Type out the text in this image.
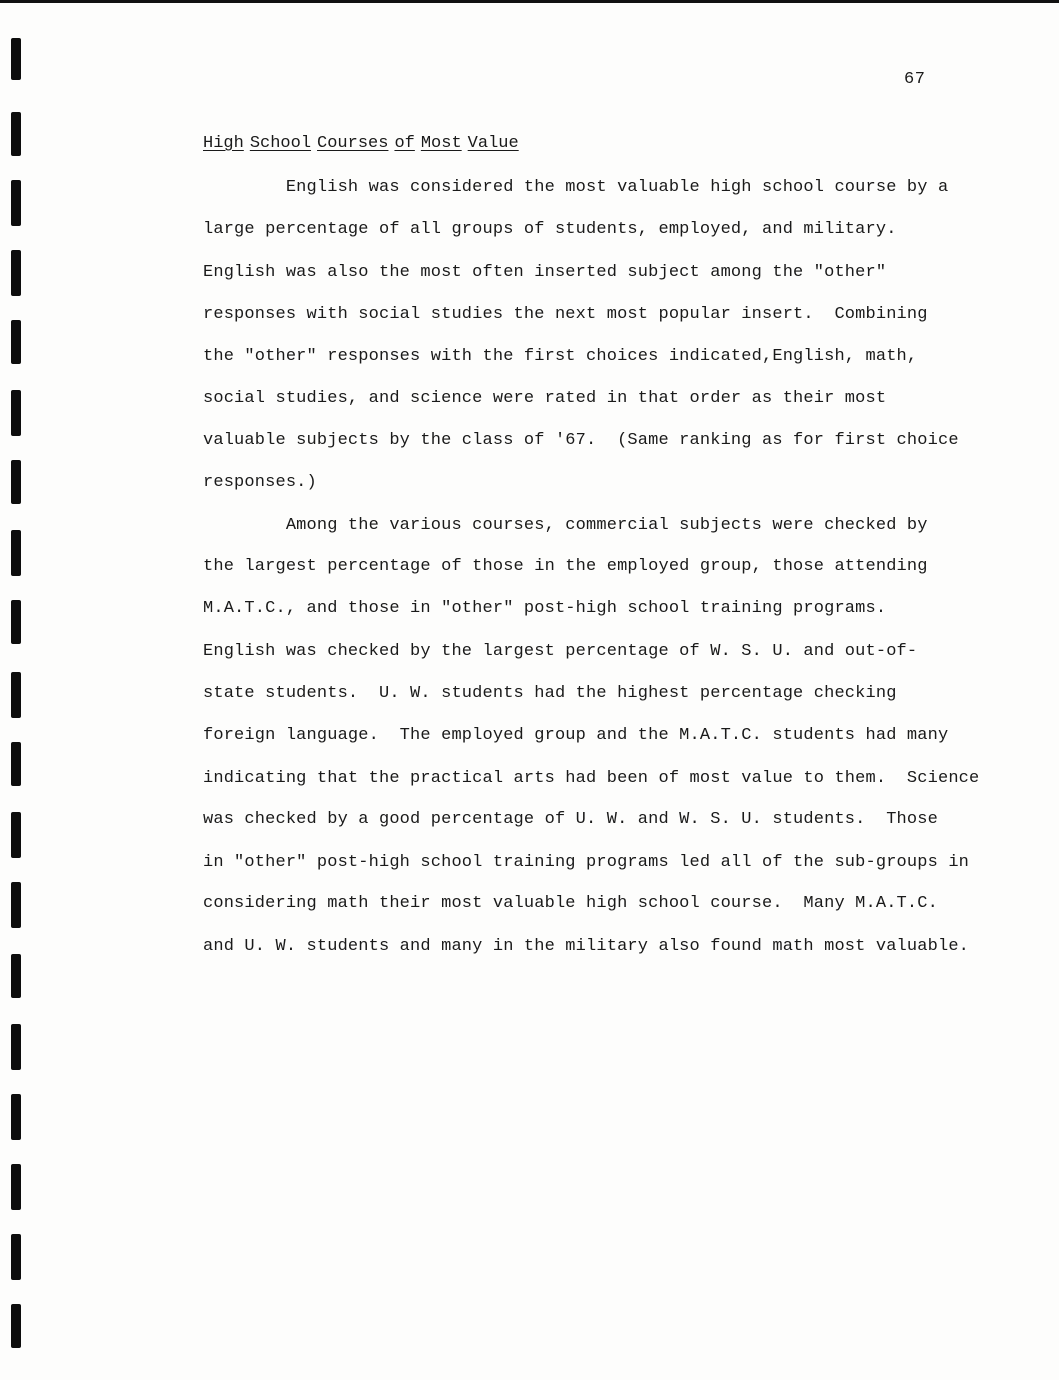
67
High School Courses of Most Value
English was considered the most valuable high school course by a
large percentage of all groups of students, employed, and military.
English was also the most often inserted subject among the "other"
responses with social studies the next most popular insert.  Combining
the "other" responses with the first choices indicated,English, math,
social studies, and science were rated in that order as their most
valuable subjects by the class of '67.  (Same ranking as for first choice
responses.)
Among the various courses, commercial subjects were checked by
the largest percentage of those in the employed group, those attending
M.A.T.C., and those in "other" post-high school training programs.
English was checked by the largest percentage of W. S. U. and out-of-
state students.  U. W. students had the highest percentage checking
foreign language.  The employed group and the M.A.T.C. students had many
indicating that the practical arts had been of most value to them.  Science
was checked by a good percentage of U. W. and W. S. U. students.  Those
in "other" post-high school training programs led all of the sub-groups in
considering math their most valuable high school course.  Many M.A.T.C.
and U. W. students and many in the military also found math most valuable.
